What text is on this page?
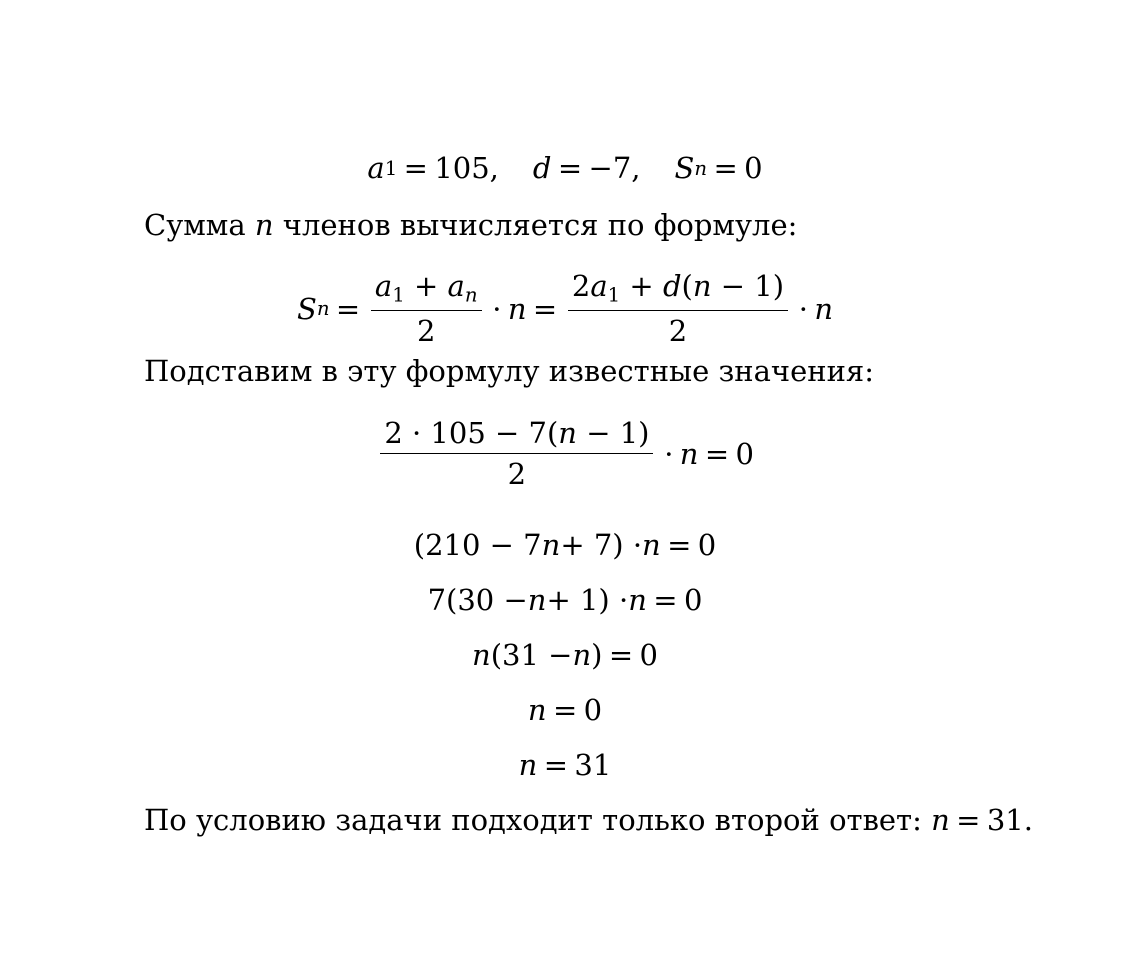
a 1 = 105 , d = −7 , S n = 0
Сумма n членов вычисляется по формуле:
S $n = \frac{a_1 + a_n}{2} \cdot n = \frac{2a_1 + d(n - 1)}{2} \cdot n$
Подставим в эту формулу известные значения:
$\frac{2 \cdot 105 - 7(n - 1)}{2} \cdot n = 0$
(210 − 7 n + 7) · n = 0
7(30 − n + 1) · n = 0
n (31 − n ) = 0
n = 0
n = 31
По условию задачи подходит только второй ответ: n = 31.
